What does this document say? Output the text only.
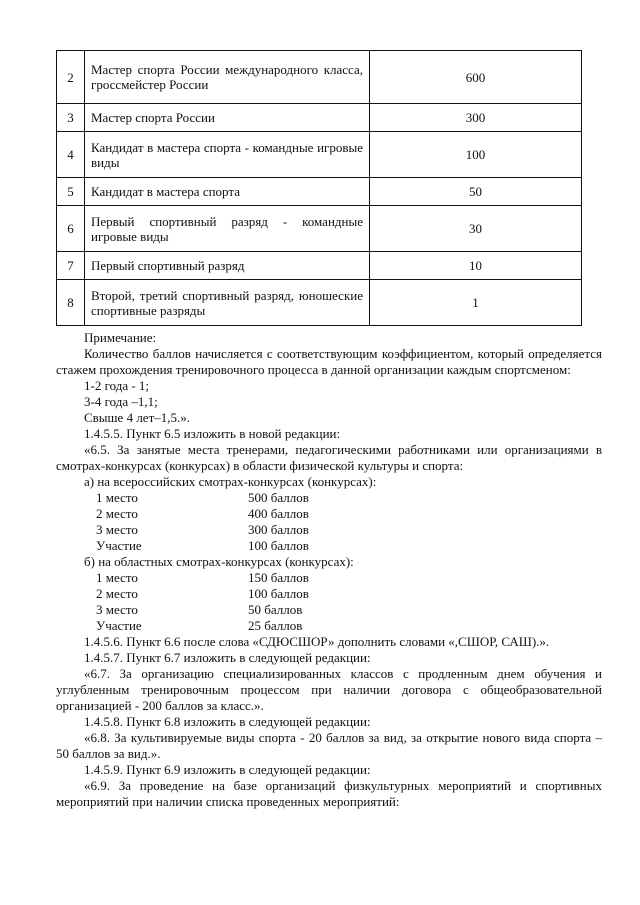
2	Мастер спорта России международного класса, гроссмейстер России	600
3	Мастер спорта России	300
4	Кандидат в мастера спорта - командные игровые виды	100
5	Кандидат в мастера спорта	50
6	Первый спортивный разряд - командные игровые виды	30
7	Первый спортивный разряд	10
8	Второй, третий спортивный разряд, юношеские спортивные разряды	1

Примечание:

Количество баллов начисляется с соответствующим коэффициентом, который определяется стажем прохождения тренировочного процесса в данной организации каждым спортсменом:

1-2 года - 1;

3-4 года –1,1;

Свыше 4 лет–1,5.».

1.4.5.5. Пункт 6.5 изложить в новой редакции:

«6.5. За занятые места тренерами, педагогическими работниками или организациями в смотрах-конкурсах (конкурсах) в области физической культуры и спорта:

а) на всероссийских смотрах-конкурсах (конкурсах):

1 место	500 баллов
2 место	400 баллов
3 место	300 баллов
Участие	100 баллов

б) на областных смотрах-конкурсах (конкурсах):

1 место	150 баллов
2 место	100 баллов
3 место	50 баллов
Участие	25 баллов

1.4.5.6. Пункт 6.6 после слова «СДЮСШОР» дополнить словами «,СШОР, САШ).».

1.4.5.7. Пункт 6.7 изложить в следующей редакции:

«6.7. За организацию специализированных классов с продленным днем обучения и углубленным тренировочным процессом при наличии договора с общеобразовательной организацией - 200 баллов за класс.».

1.4.5.8. Пункт 6.8 изложить в следующей редакции:

«6.8. За культивируемые виды спорта - 20 баллов за вид, за открытие нового вида спорта – 50 баллов за вид.».

1.4.5.9. Пункт 6.9 изложить в следующей редакции:

«6.9. За проведение на базе организаций физкультурных мероприятий и спортивных мероприятий при наличии списка проведенных мероприятий:
